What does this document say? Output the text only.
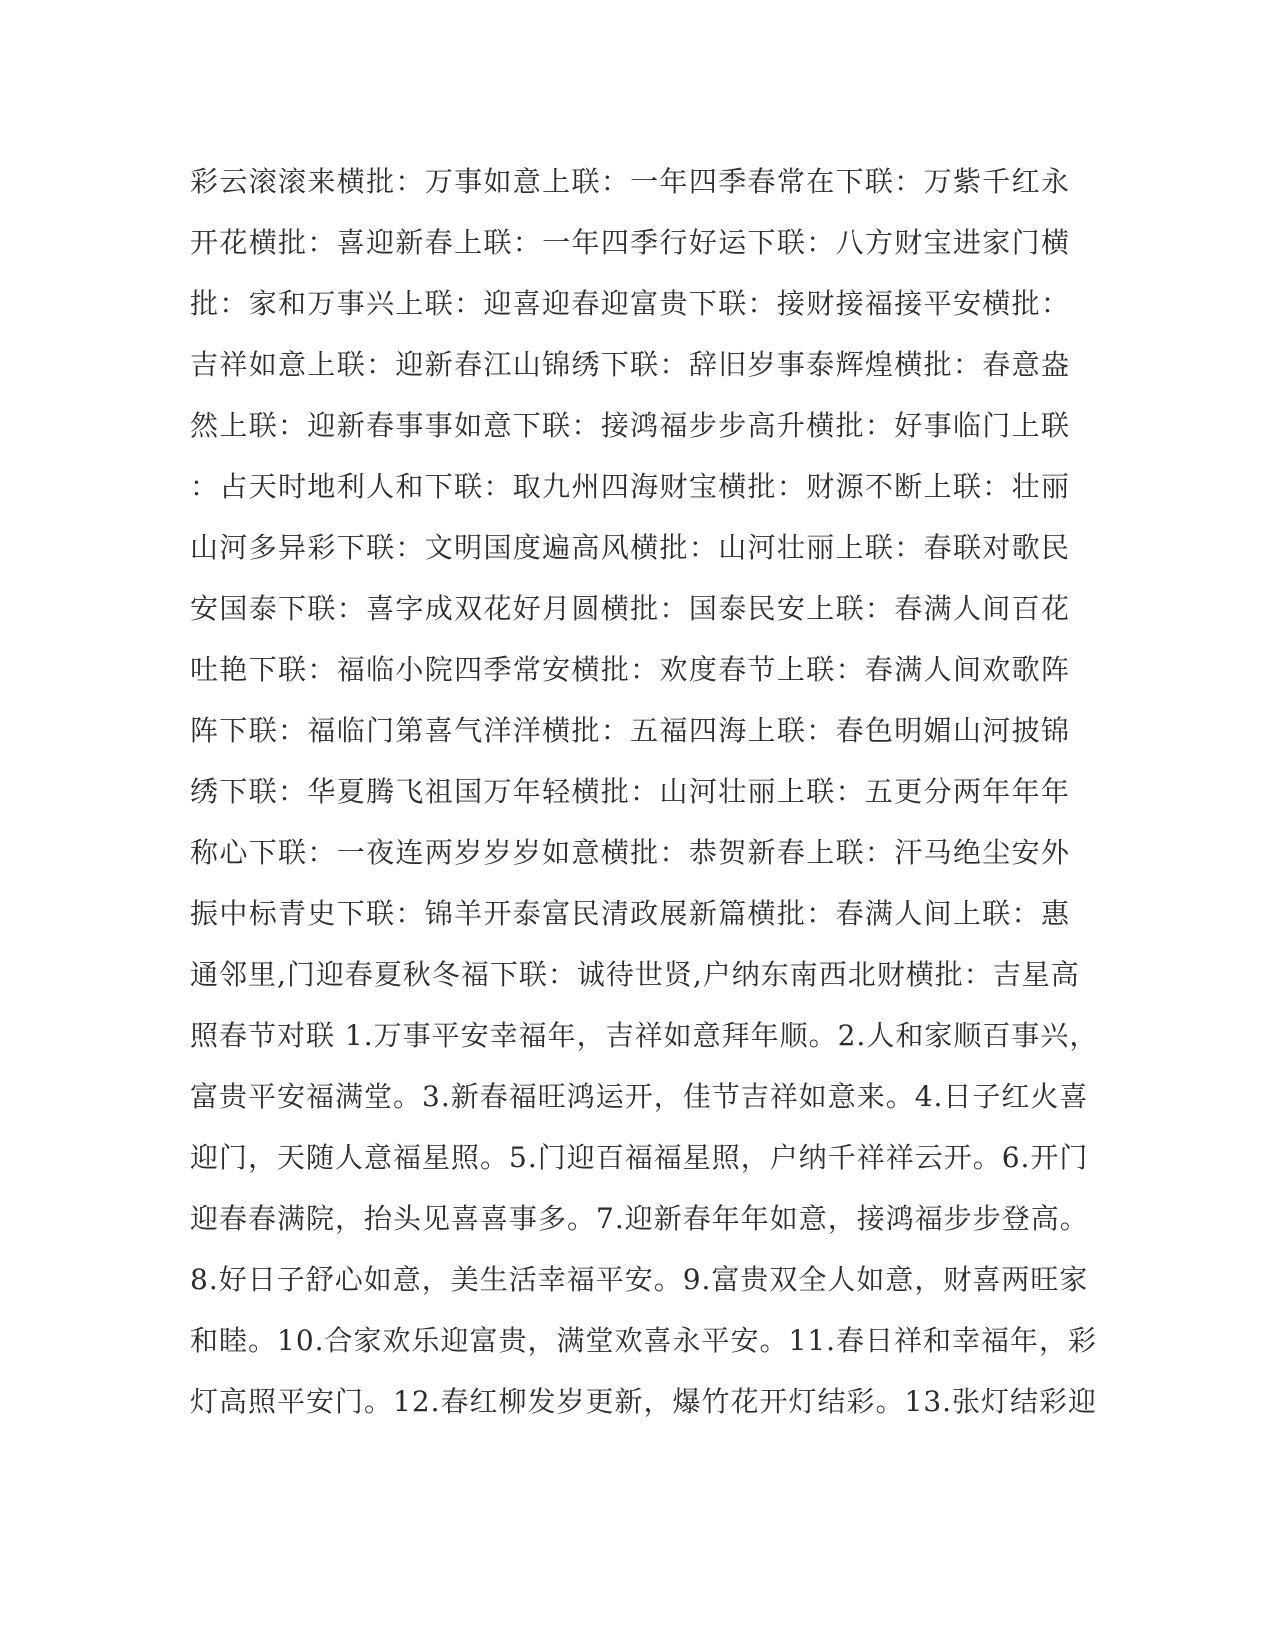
彩云滚滚来横批：万事如意上联：一年四季春常在下联：万紫千红永
开花横批：喜迎新春上联：一年四季行好运下联：八方财宝进家门横
批：家和万事兴上联：迎喜迎春迎富贵下联：接财接福接平安横批：
吉祥如意上联：迎新春江山锦绣下联：辞旧岁事泰辉煌横批：春意盎
然上联：迎新春事事如意下联：接鸿福步步高升横批：好事临门上联
：占天时地利人和下联：取九州四海财宝横批：财源不断上联：壮丽
山河多异彩下联：文明国度遍高风横批：山河壮丽上联：春联对歌民
安国泰下联：喜字成双花好月圆横批：国泰民安上联：春满人间百花
吐艳下联：福临小院四季常安横批：欢度春节上联：春满人间欢歌阵
阵下联：福临门第喜气洋洋横批：五福四海上联：春色明媚山河披锦
绣下联：华夏腾飞祖国万年轻横批：山河壮丽上联：五更分两年年年
称心下联：一夜连两岁岁岁如意横批：恭贺新春上联：汗马绝尘安外
振中标青史下联：锦羊开泰富民清政展新篇横批：春满人间上联：惠
通邻里,门迎春夏秋冬福下联：诚待世贤,户纳东南西北财横批：吉星高
照春节对联 1.万事平安幸福年，吉祥如意拜年顺。2.人和家顺百事兴，
富贵平安福满堂。3.新春福旺鸿运开，佳节吉祥如意来。4.日子红火喜
迎门，天随人意福星照。5.门迎百福福星照，户纳千祥祥云开。6.开门
迎春春满院，抬头见喜喜事多。7.迎新春年年如意，接鸿福步步登高。
8.好日子舒心如意，美生活幸福平安。9.富贵双全人如意，财喜两旺家
和睦。10.合家欢乐迎富贵，满堂欢喜永平安。11.春日祥和幸福年，彩
灯高照平安门。12.春红柳发岁更新，爆竹花开灯结彩。13.张灯结彩迎
